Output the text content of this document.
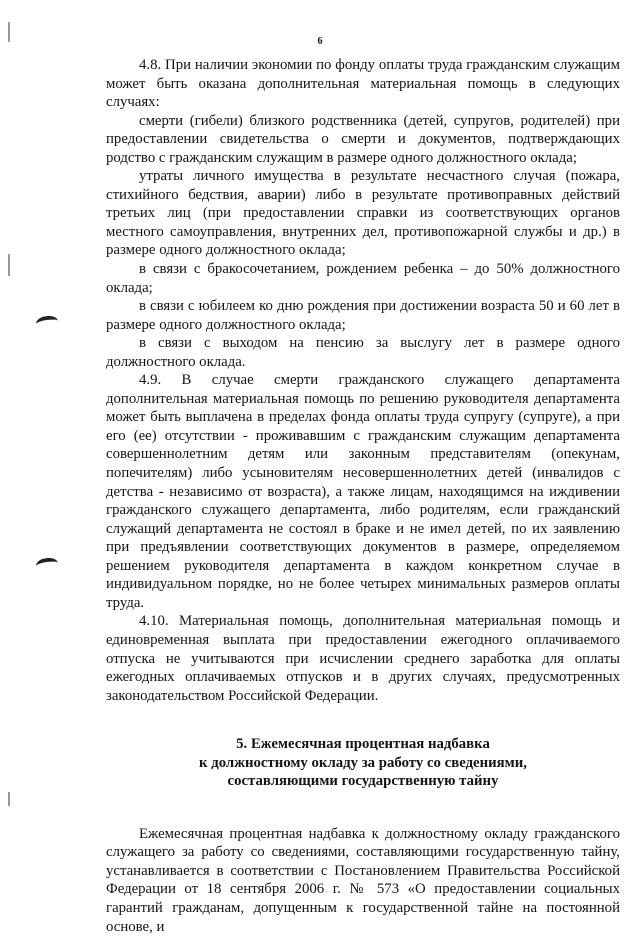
6

4.8. При наличии экономии по фонду оплаты труда гражданским служащим может быть оказана дополнительная материальная помощь в следующих случаях:

смерти (гибели) близкого родственника (детей, супругов, родителей) при предоставлении свидетельства о смерти и документов, подтверждающих родство с гражданским служащим в размере одного должностного оклада;

утраты личного имущества в результате несчастного случая (пожара, стихийного бедствия, аварии) либо в результате противоправных действий третьих лиц (при предоставлении справки из соответствующих органов местного самоуправления, внутренних дел, противопожарной службы и др.) в размере одного должностного оклада;

в связи с бракосочетанием, рождением ребенка – до 50% должностного оклада;

в связи с юбилеем ко дню рождения при достижении возраста 50 и 60 лет в размере одного должностного оклада;

в связи с выходом на пенсию за выслугу лет в размере одного должностного оклада.

4.9. В случае смерти гражданского служащего департамента дополнительная материальная помощь по решению руководителя департамента может быть выплачена в пределах фонда оплаты труда супругу (супруге), а при его (ее) отсутствии - проживавшим с гражданским служащим департамента совершеннолетним детям или законным представителям (опекунам, попечителям) либо усыновителям несовершеннолетних детей (инвалидов с детства - независимо от возраста), а также лицам, находящимся на иждивении гражданского служащего департамента, либо родителям, если гражданский служащий департамента не состоял в браке и не имел детей, по их заявлению при предъявлении соответствующих документов в размере, определяемом решением руководителя департамента в каждом конкретном случае в индивидуальном порядке, но не более четырех минимальных размеров оплаты труда.

4.10. Материальная помощь, дополнительная материальная помощь и единовременная выплата при предоставлении ежегодного оплачиваемого отпуска не учитываются при исчислении среднего заработка для оплаты ежегодных оплачиваемых отпусков и в других случаях, предусмотренных законодательством Российской Федерации.

5. Ежемесячная процентная надбавка
к должностному окладу за работу со сведениями,
составляющими государственную тайну

Ежемесячная процентная надбавка к должностному окладу гражданского служащего за работу со сведениями, составляющими государственную тайну, устанавливается в соответствии с Постановлением Правительства Российской Федерации от 18 сентября 2006 г. № 573 «О предоставлении социальных гарантий гражданам, допущенным к государственной тайне на постоянной основе, и
